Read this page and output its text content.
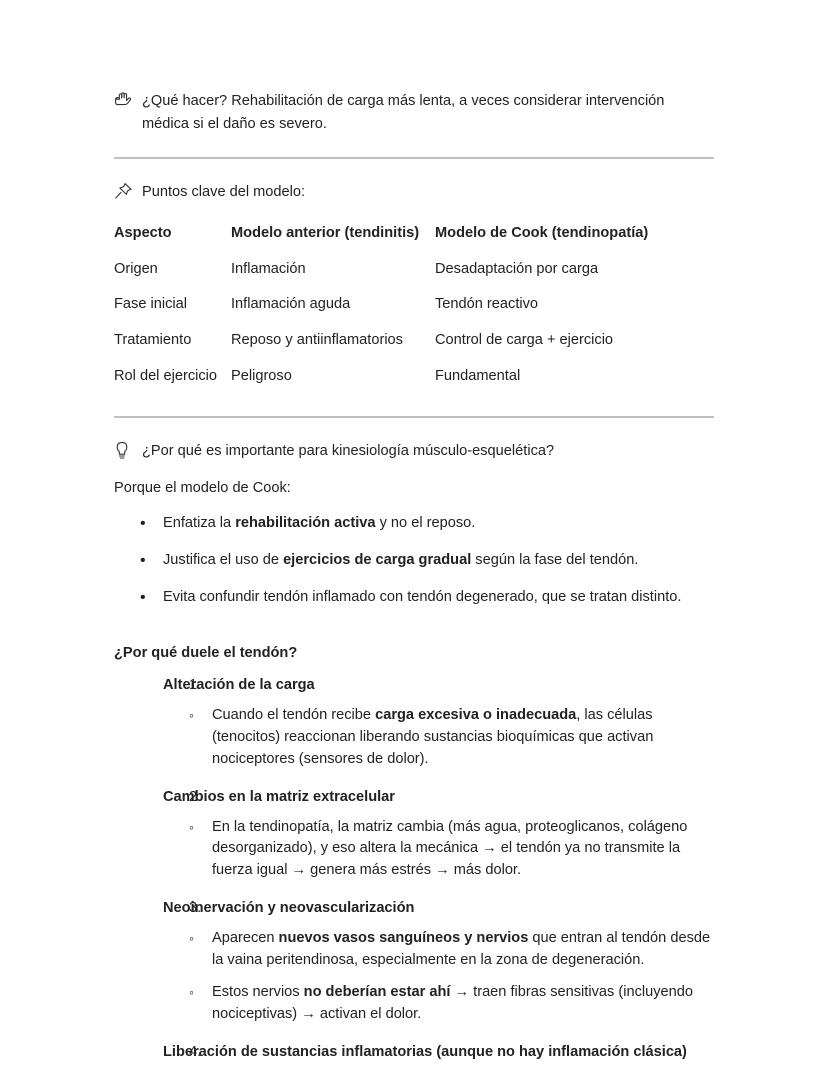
¿Qué hacer? Rehabilitación de carga más lenta, a veces considerar intervención médica si el daño es severo.

Puntos clave del modelo:

Aspecto	Modelo anterior (tendinitis)	Modelo de Cook (tendinopatía)
Origen	Inflamación	Desadaptación por carga
Fase inicial	Inflamación aguda	Tendón reactivo
Tratamiento	Reposo y antiinflamatorios	Control de carga + ejercicio
Rol del ejercicio	Peligroso	Fundamental

¿Por qué es importante para kinesiología músculo-esquelética?

Porque el modelo de Cook:

• Enfatiza la rehabilitación activa y no el reposo.
• Justifica el uso de ejercicios de carga gradual según la fase del tendón.
• Evita confundir tendón inflamado con tendón degenerado, que se tratan distinto.

¿Por qué duele el tendón?

Alteración de la carga
◦ Cuando el tendón recibe carga excesiva o inadecuada, las células (tenocitos) reaccionan liberando sustancias bioquímicas que activan nociceptores (sensores de dolor).
Cambios en la matriz extracelular
◦ En la tendinopatía, la matriz cambia (más agua, proteoglicanos, colágeno desorganizado), y eso altera la mecánica → el tendón ya no transmite la fuerza igual → genera más estrés → más dolor.
Neoinervación y neovascularización
◦ Aparecen nuevos vasos sanguíneos y nervios que entran al tendón desde la vaina peritendinosa, especialmente en la zona de degeneración.
◦ Estos nervios no deberían estar ahí → traen fibras sensitivas (incluyendo nociceptivas) → activan el dolor.
Liberación de sustancias inflamatorias (aunque no hay inflamación clásica)
